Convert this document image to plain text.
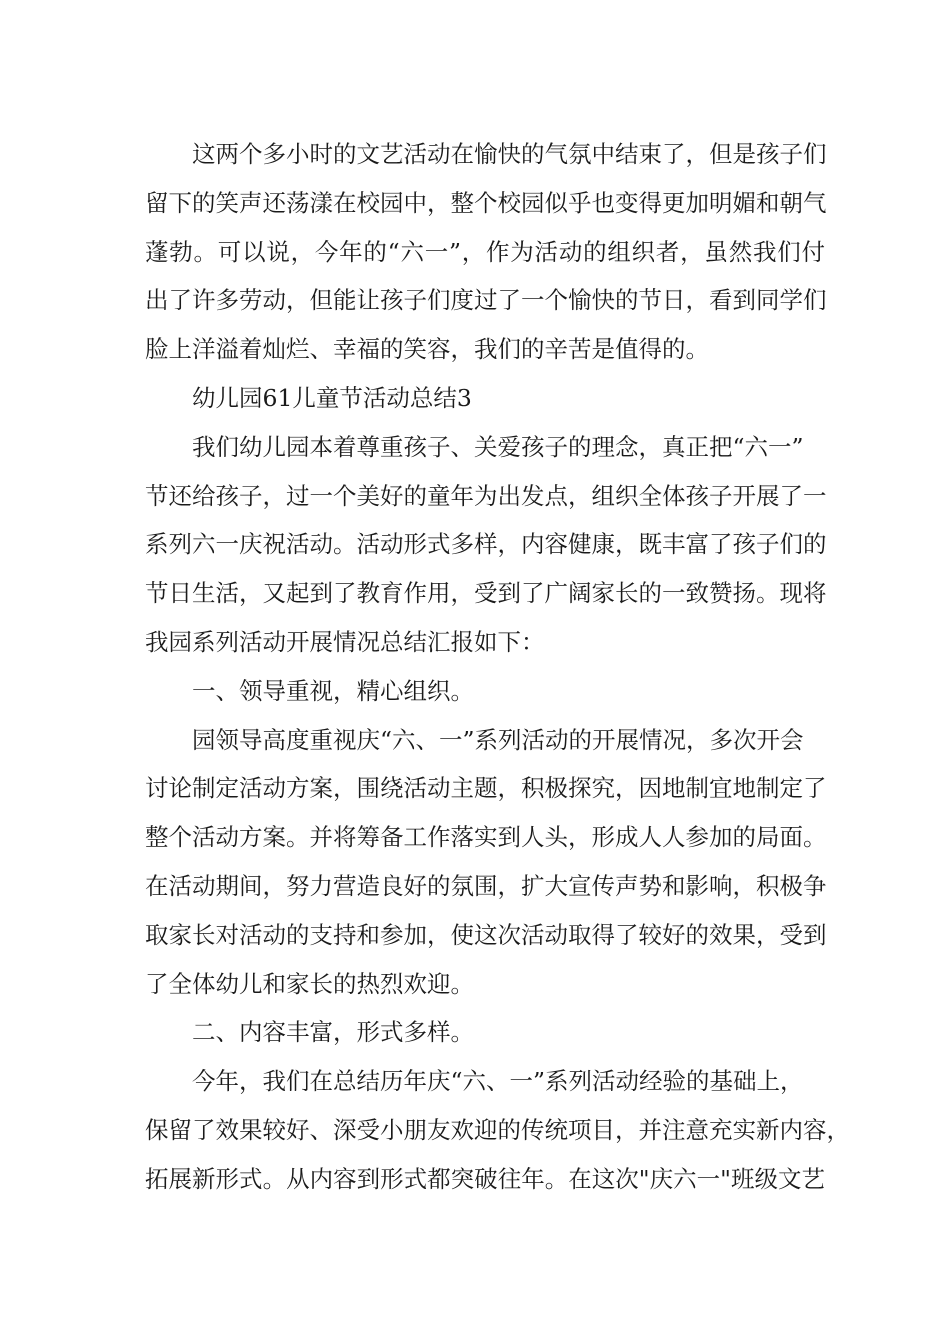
这两个多小时的文艺活动在愉快的气氛中结束了，但是孩子们
留下的笑声还荡漾在校园中，整个校园似乎也变得更加明媚和朝气
蓬勃。可以说，今年的“六一”，作为活动的组织者，虽然我们付
出了许多劳动，但能让孩子们度过了一个愉快的节日，看到同学们
脸上洋溢着灿烂、幸福的笑容，我们的辛苦是值得的。
幼儿园61儿童节活动总结3
我们幼儿园本着尊重孩子、关爱孩子的理念，真正把“六一”
节还给孩子，过一个美好的童年为出发点，组织全体孩子开展了一
系列六一庆祝活动。活动形式多样，内容健康，既丰富了孩子们的
节日生活，又起到了教育作用，受到了广阔家长的一致赞扬。现将
我园系列活动开展情况总结汇报如下：
一、领导重视，精心组织。
园领导高度重视庆“六、一”系列活动的开展情况，多次开会
讨论制定活动方案，围绕活动主题，积极探究，因地制宜地制定了
整个活动方案。并将筹备工作落实到人头，形成人人参加的局面。
在活动期间，努力营造良好的氛围，扩大宣传声势和影响，积极争
取家长对活动的支持和参加，使这次活动取得了较好的效果，受到
了全体幼儿和家长的热烈欢迎。
二、内容丰富，形式多样。
今年，我们在总结历年庆“六、一”系列活动经验的基础上，
保留了效果较好、深受小朋友欢迎的传统项目，并注意充实新内容，
拓展新形式。从内容到形式都突破往年。在这次"庆六一"班级文艺
